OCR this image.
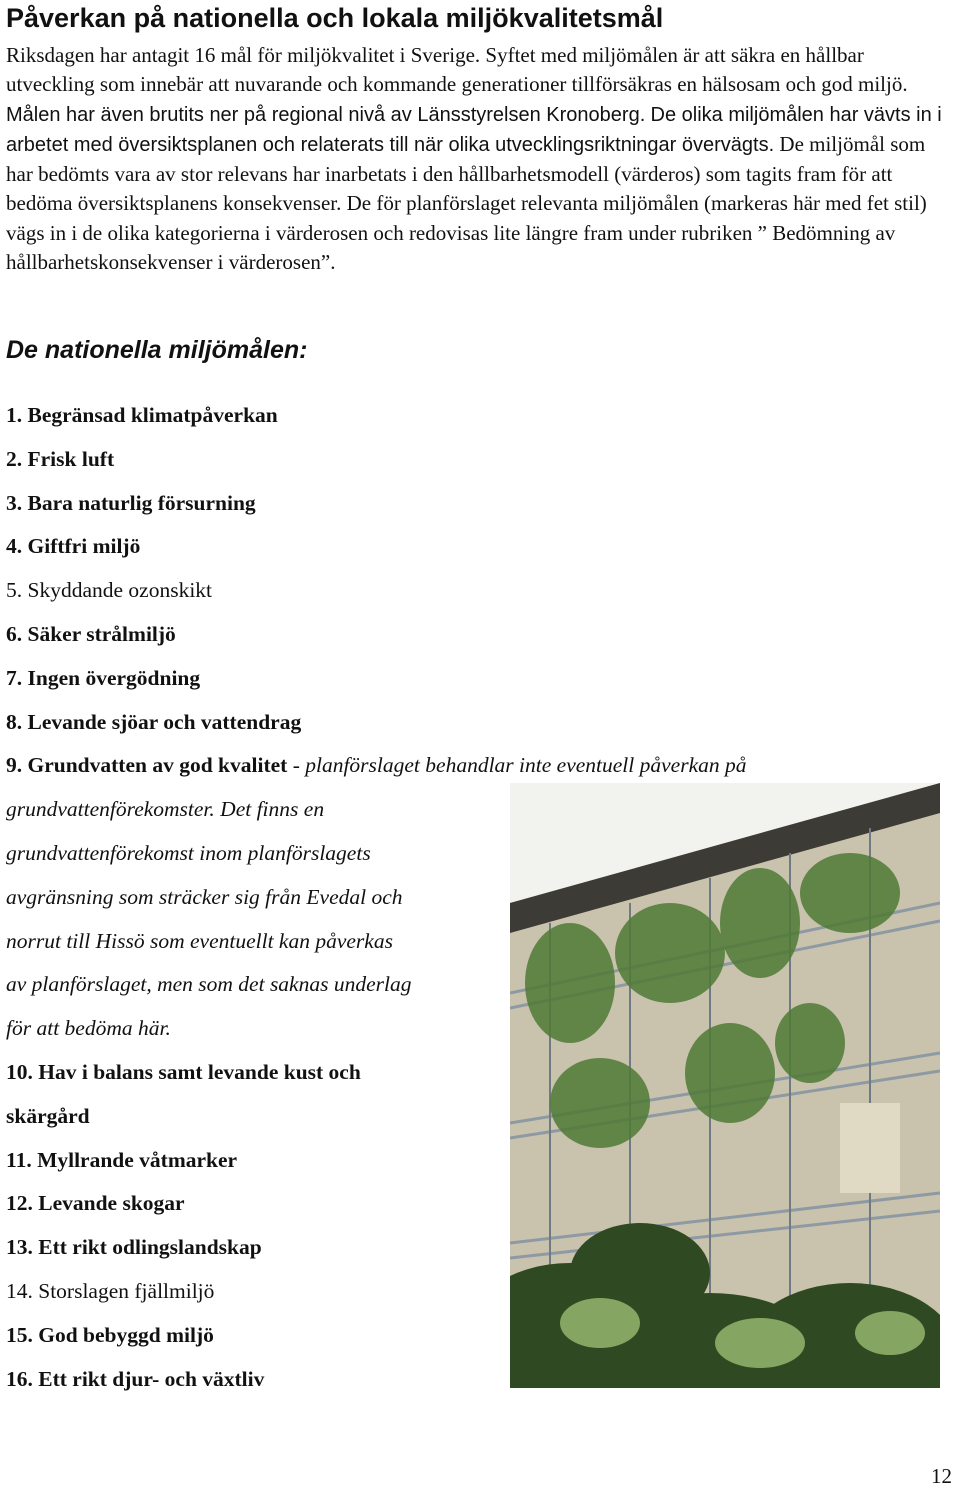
Påverkan på nationella och lokala miljökvalitetsmål

Riksdagen har antagit 16 mål för miljökvalitet i Sverige. Syftet med miljömålen är att säkra en hållbar utveckling som innebär att nuvarande och kommande generationer tillförsäkras en hälsosam och god miljö. Målen har även brutits ner på regional nivå av Länsstyrelsen Kronoberg. De olika miljömålen har vävts in i arbetet med översiktsplanen och relaterats till när olika utvecklingsriktningar övervägts. De miljömål som har bedömts vara av stor relevans har inarbetats i den hållbarhetsmodell (värderos) som tagits fram för att bedöma översiktsplanens konsekvenser. De för planförslaget relevanta miljömålen (markeras här med fet stil) vägs in i de olika kategorierna i värderosen och redovisas lite längre fram under rubriken ” Bedömning av hållbarhetskonsekvenser i värderosen”.

De nationella miljömålen:
1. Begränsad klimatpåverkan
2. Frisk luft
3. Bara naturlig försurning
4. Giftfri miljö
5. Skyddande ozonskikt
6. Säker strålmiljö
7. Ingen övergödning
8. Levande sjöar och vattendrag
9. Grundvatten av god kvalitet - planförslaget behandlar inte eventuell påverkan på
grundvattenförekomster. Det finns en
grundvattenförekomst inom planförslagets
avgränsning som sträcker sig från Evedal och
norrut till Hissö som eventuellt kan påverkas
av planförslaget, men som det saknas underlag
för att bedöma här.
10. Hav i balans samt levande kust och
skärgård
11. Myllrande våtmarker
12. Levande skogar
13. Ett rikt odlingslandskap
14. Storslagen fjällmiljö
15. God bebyggd miljö
16. Ett rikt djur- och växtliv
12
